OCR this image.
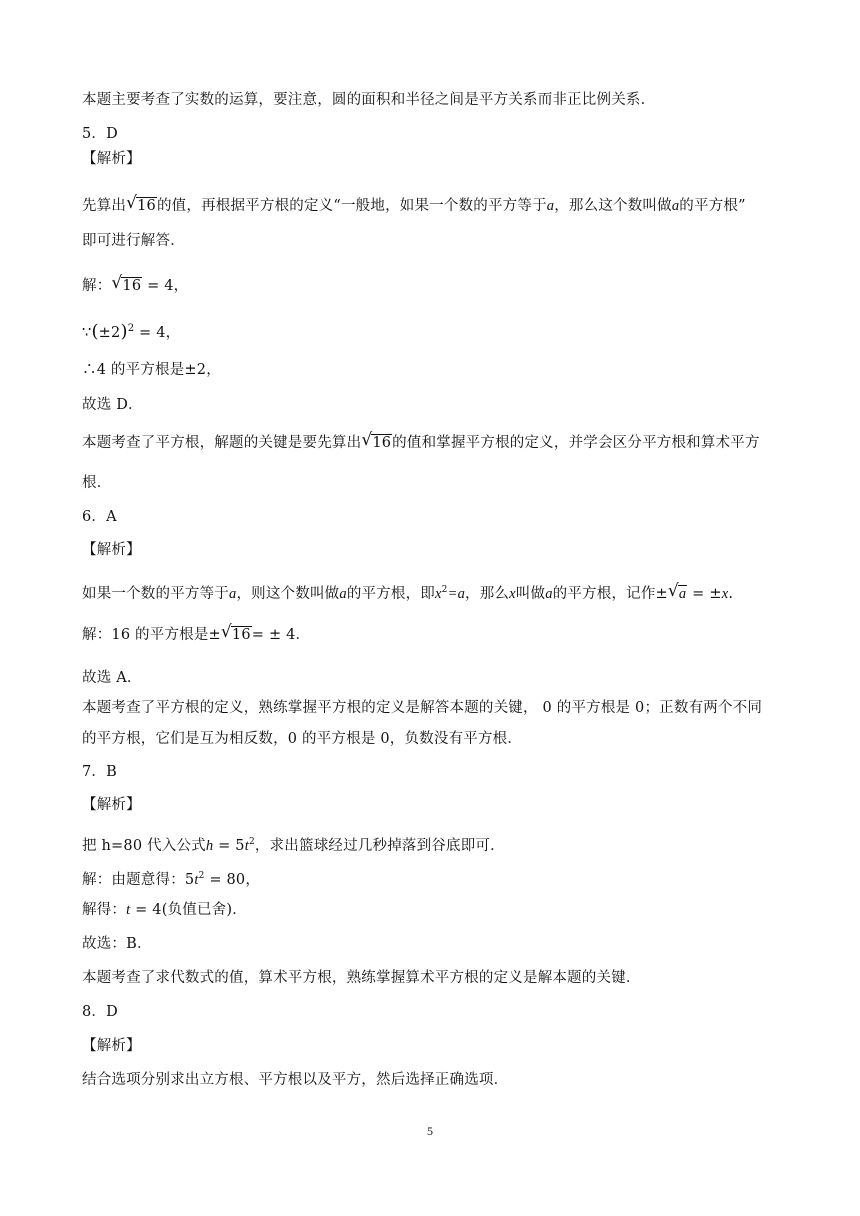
本题主要考查了实数的运算，要注意，圆的面积和半径之间是平方关系而非正比例关系．
5．D
【解析】
先算出 √ 16的值，再根据平方根的定义“一般地，如果一个数的平方等于a，那么这个数叫做a的平方根”
即可进行解答．
解： √ 16 = 4，
$\because(\pm 2)^2 = 4$，
∴4 的平方根是±2，
故选 D．
本题考查了平方根，解题的关键是要先算出 √ 16的值和掌握平方根的定义，并学会区分平方根和算术平方
根．
6．A
【解析】
如果一个数的平方等于a，则这个数叫做a的平方根，即$x^2=a$，那么x叫做a的平方根，记作± √ a = ±x.
解：16 的平方根是± √ 16= ± 4．
故选 A．
本题考查了平方根的定义，熟练掌握平方根的定义是解答本题的关键， 0 的平方根是 0；正数有两个不同
的平方根，它们是互为相反数，0 的平方根是 0，负数没有平方根．
7．B
【解析】
把 h=80 代入公式$h = 5t^2$，求出篮球经过几秒掉落到谷底即可．
解：由题意得：$5t^2 = 80$，
解得：t = 4(负值已舍)．
故选：B．
本题考查了求代数式的值，算术平方根，熟练掌握算术平方根的定义是解本题的关键．
8．D
【解析】
结合选项分别求出立方根、平方根以及平方，然后选择正确选项．
5
